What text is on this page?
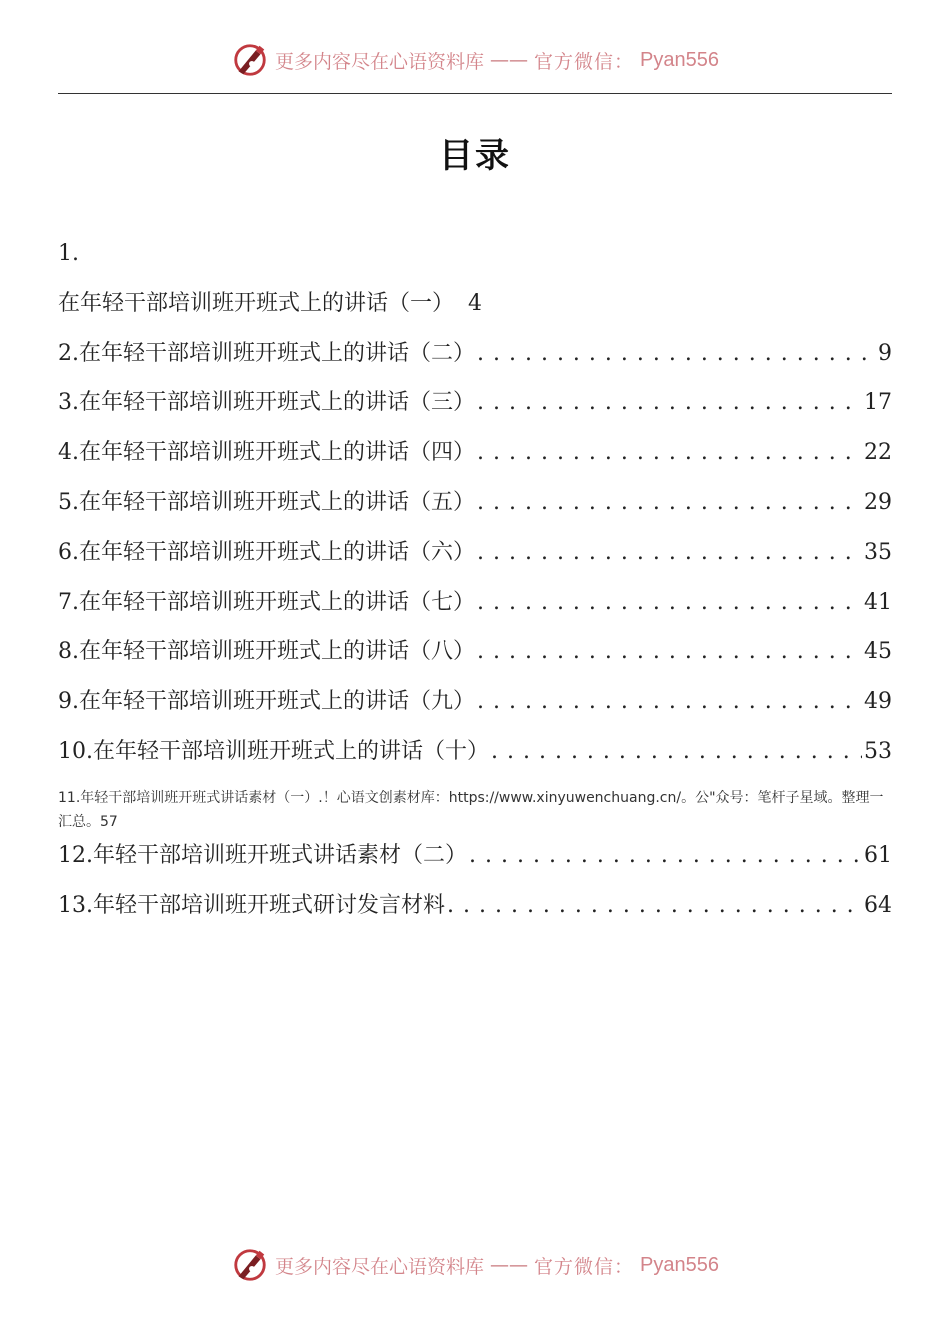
更多内容尽在心语资料库 —— 官方微信： Pyan556
目录
1.
在年轻干部培训班开班式上的讲话（一） 4
2.在年轻干部培训班开班式上的讲话（二） . . .	9
3.在年轻干部培训班开班式上的讲话（三） . . .	17
4.在年轻干部培训班开班式上的讲话（四） . . .	22
5.在年轻干部培训班开班式上的讲话（五） . . .	29
6.在年轻干部培训班开班式上的讲话（六） . . .	35
7.在年轻干部培训班开班式上的讲话（七） . . .	41
8.在年轻干部培训班开班式上的讲话（八） . . .	45
9.在年轻干部培训班开班式上的讲话（九） . . .	49
10.在年轻干部培训班开班式上的讲话（十） . . .	53
11.年轻干部培训班开班式讲话素材（一）.！心语文创素材库：https://www.xinyuwenchuang.cn/。公"众号：笔杆子星域。整理一汇总。57
12.年轻干部培训班开班式讲话素材（二） . . .	61
13.年轻干部培训班开班式研讨发言材料 . . .	64
更多内容尽在心语资料库 —— 官方微信： Pyan556
